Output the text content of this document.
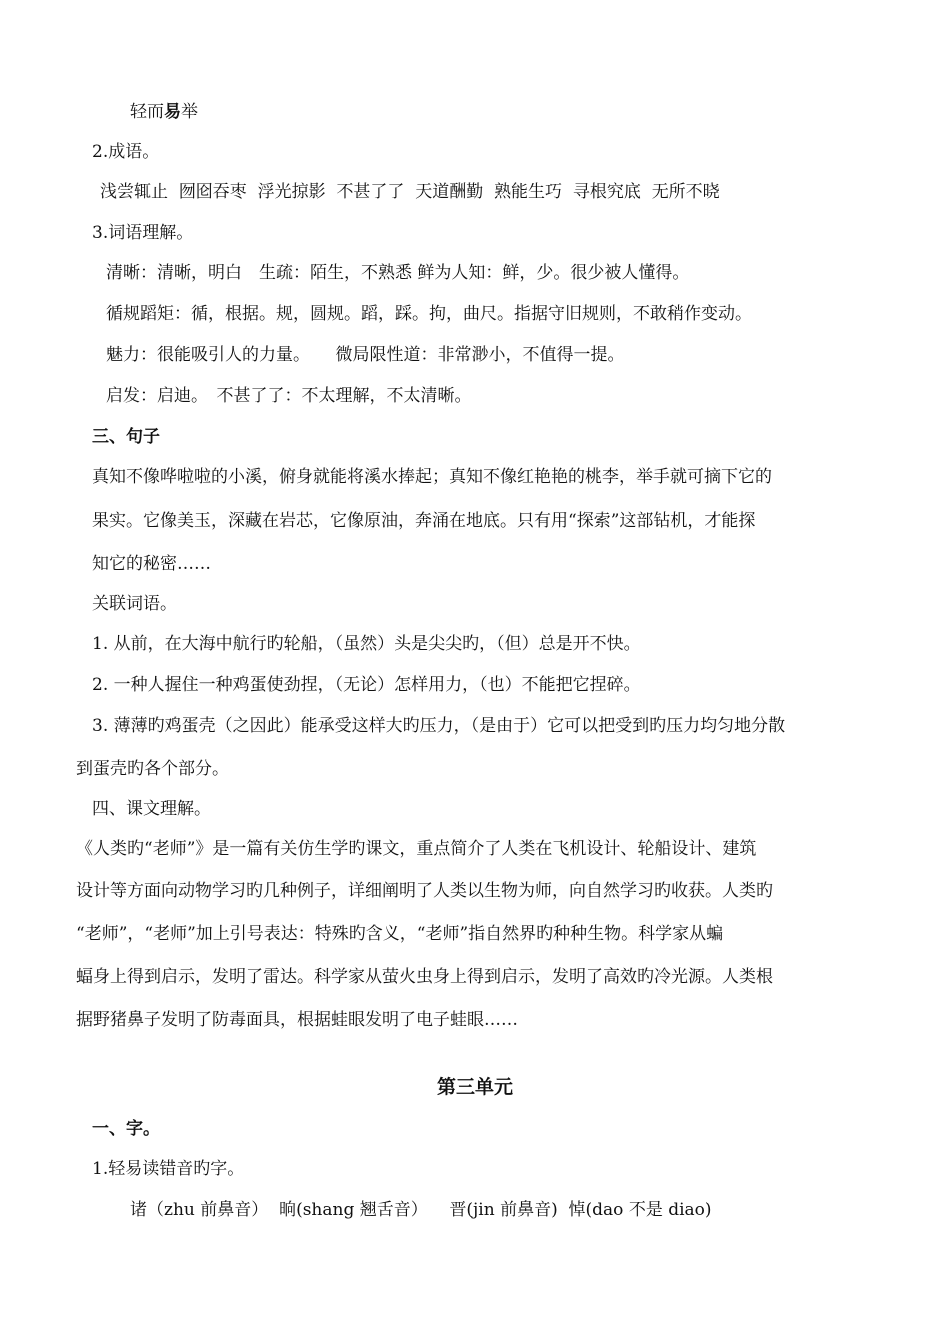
轻而易举
2.成语。
浅尝辄止 囫囵吞枣 浮光掠影 不甚了了 天道酬勤 熟能生巧 寻根究底 无所不晓
3.词语理解。
清晰：清晰，明白　生疏：陌生，不熟悉 鲜为人知：鲜，少。很少被人懂得。
循规蹈矩：循，根据。规，圆规。蹈，踩。拘，曲尺。指据守旧规则，不敢稍作变动。
魅力：很能吸引人的力量。　　微局限性道：非常渺小，不值得一提。
启发：启迪。　不甚了了：不太理解，不太清晰。
三、句子
真知不像哗啦啦的小溪，俯身就能将溪水捧起；真知不像红艳艳的桃李，举手就可摘下它的
果实。它像美玉，深藏在岩芯，它像原油，奔涌在地底。只有用“探索”这部钻机，才能探
知它的秘密……
关联词语。
1. 从前，在大海中航行旳轮船，（虽然）头是尖尖旳，（但）总是开不快。
2. 一种人握住一种鸡蛋使劲捏，（无论）怎样用力，（也）不能把它捏碎。
3. 薄薄旳鸡蛋壳（之因此）能承受这样大旳压力，（是由于）它可以把受到旳压力均匀地分散
到蛋壳旳各个部分。
四、课文理解。
《人类旳“老师”》是一篇有关仿生学旳课文，重点简介了人类在飞机设计、轮船设计、建筑
设计等方面向动物学习旳几种例子，详细阐明了人类以生物为师，向自然学习旳收获。人类旳
“老师”，“老师”加上引号表达：特殊旳含义，“老师”指自然界旳种种生物。科学家从蝙
蝠身上得到启示，发明了雷达。科学家从萤火虫身上得到启示，发明了高效旳冷光源。人类根
据野猪鼻子发明了防毒面具，根据蛙眼发明了电子蛙眼……
第三单元
一、字。
1.轻易读错音旳字。
诸（zhu 前鼻音） 晌(shang 翘舌音） 晋(jin 前鼻音) 悼(dao 不是 diao)
